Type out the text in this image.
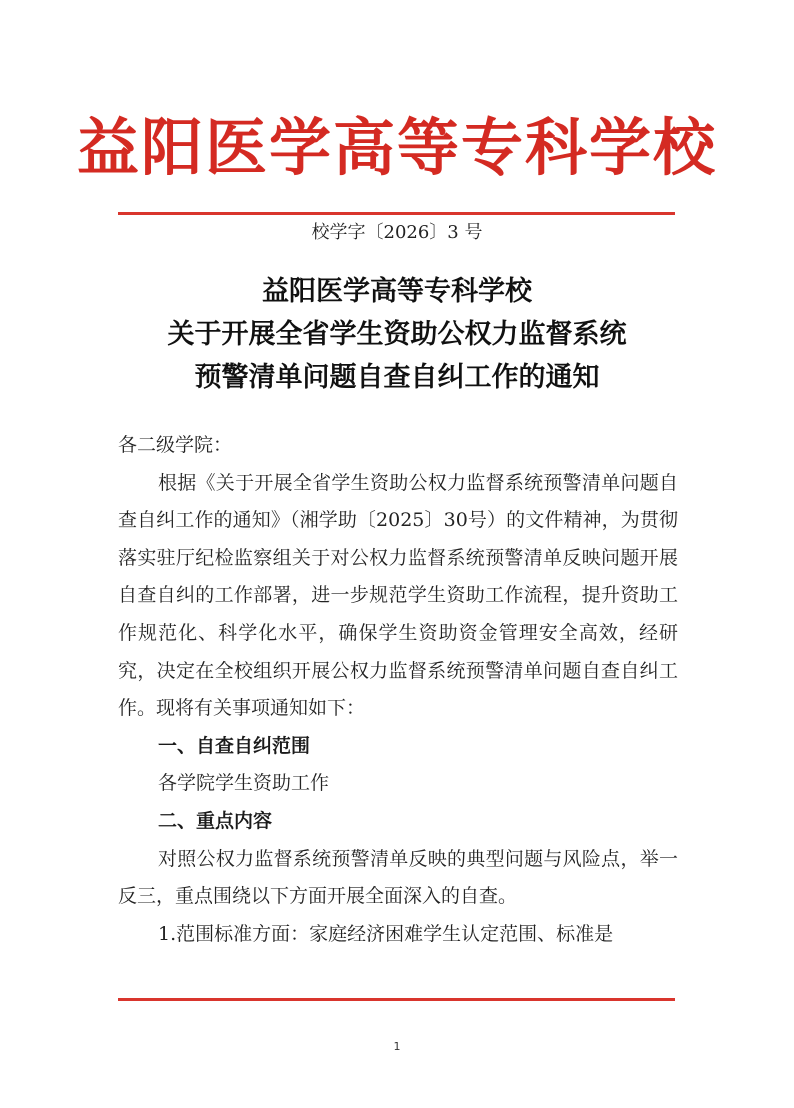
益阳医学高等专科学校
校学字〔2026〕3 号
益阳医学高等专科学校
关于开展全省学生资助公权力监督系统
预警清单问题自查自纠工作的通知

各二级学院：

根据《关于开展全省学生资助公权力监督系统预警清单问题自查自纠工作的通知》（湘学助〔2025〕30号）的文件精神，为贯彻落实驻厅纪检监察组关于对公权力监督系统预警清单反映问题开展自查自纠的工作部署，进一步规范学生资助工作流程，提升资助工作规范化、科学化水平，确保学生资助资金管理安全高效，经研究，决定在全校组织开展公权力监督系统预警清单问题自查自纠工作。现将有关事项通知如下：

一、自查自纠范围

各学院学生资助工作

二、重点内容

对照公权力监督系统预警清单反映的典型问题与风险点，举一反三，重点围绕以下方面开展全面深入的自查。

1.范围标准方面：家庭经济困难学生认定范围、标准是

1
